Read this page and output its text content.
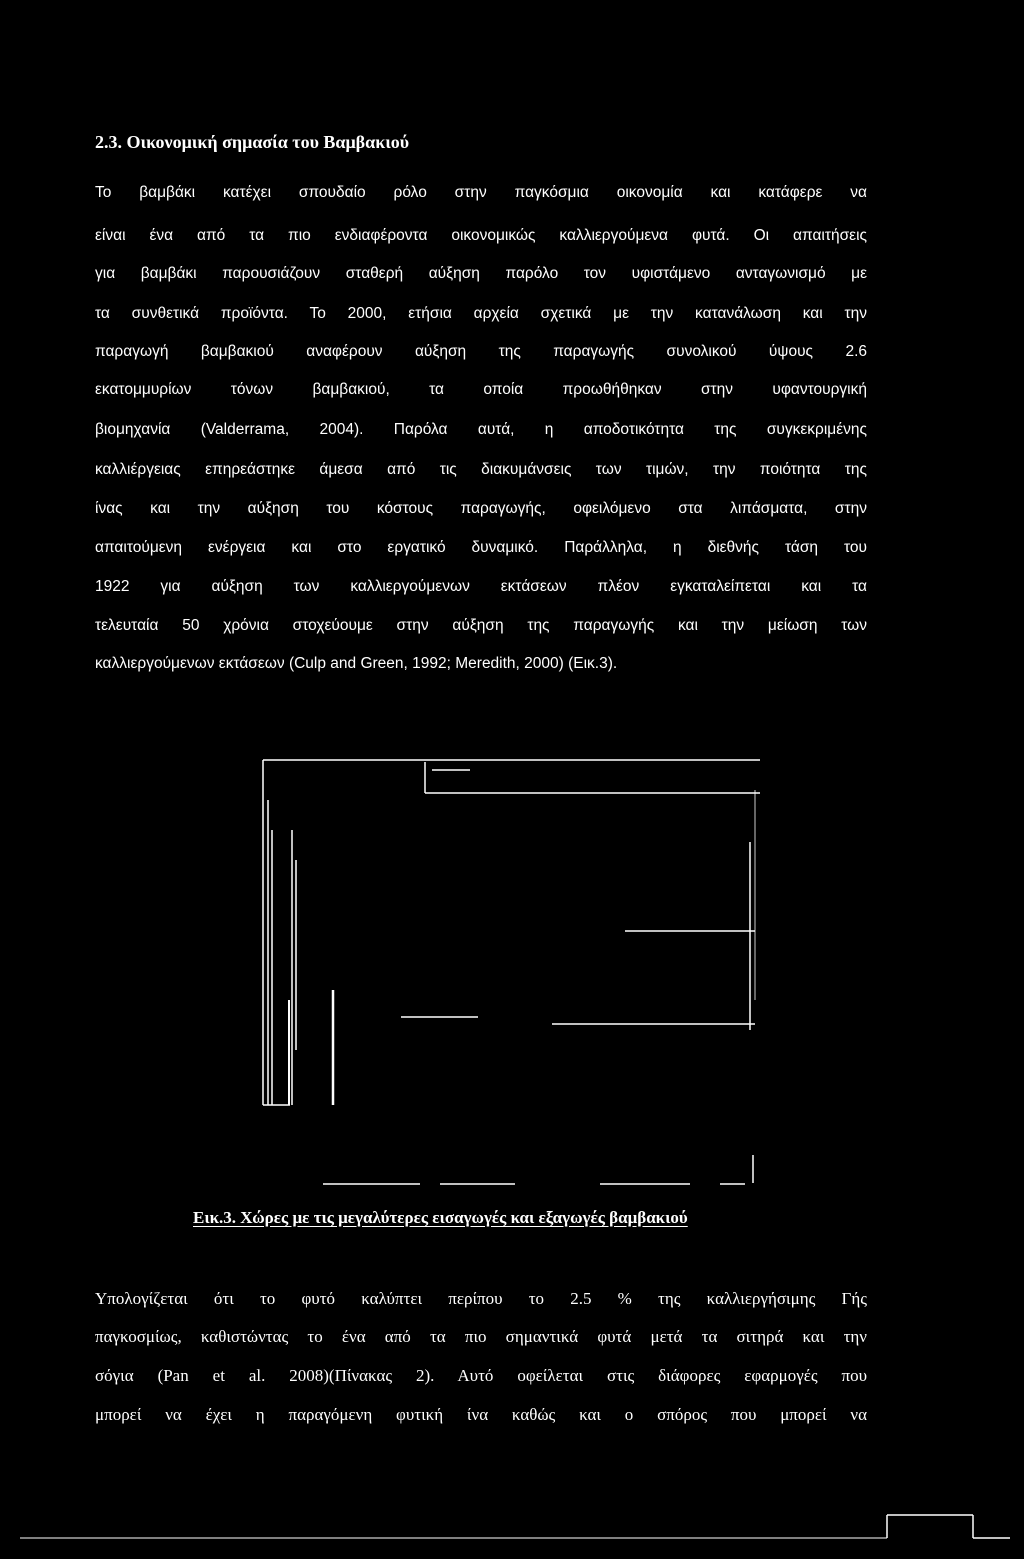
2.3. Οικονομική σημασία του Βαμβακιού
Το βαμβάκι κατέχει σπουδαίο ρόλο στην παγκόσμια οικονομία και κατάφερε να
είναι ένα από τα πιο ενδιαφέροντα οικονομικώς καλλιεργούμενα φυτά. Οι απαιτήσεις
για βαμβάκι παρουσιάζουν σταθερή αύξηση παρόλο τον υφιστάμενο ανταγωνισμό με
τα συνθετικά προϊόντα. Το 2000, ετήσια αρχεία σχετικά με την κατανάλωση και την
παραγωγή βαμβακιού αναφέρουν αύξηση της παραγωγής συνολικού ύψους 2.6
εκατομμυρίων τόνων βαμβακιού, τα οποία προωθήθηκαν στην υφαντουργική
βιομηχανία (Valderrama, 2004). Παρόλα αυτά, η αποδοτικότητα της συγκεκριμένης
καλλιέργειας επηρεάστηκε άμεσα από τις διακυμάνσεις των τιμών, την ποιότητα της
ίνας και την αύξηση του κόστους παραγωγής, οφειλόμενο στα λιπάσματα, στην
απαιτούμενη ενέργεια και στο εργατικό δυναμικό. Παράλληλα, η διεθνής τάση του
1922 για αύξηση των καλλιεργούμενων εκτάσεων πλέον εγκαταλείπεται και τα
τελευταία 50 χρόνια στοχεύουμε στην αύξηση της παραγωγής και την μείωση των
καλλιεργούμενων εκτάσεων (Culp and Green, 1992; Meredith, 2000) (Εικ.3).
Εικ.3. Χώρες με τις μεγαλύτερες εισαγωγές και εξαγωγές βαμβακιού
Υπολογίζεται ότι το φυτό καλύπτει περίπου το 2.5 % της καλλιεργήσιμης Γής
παγκοσμίως, καθιστώντας το ένα από τα πιο σημαντικά φυτά μετά τα σιτηρά και την
σόγια (Pan et al. 2008)(Πίνακας 2). Αυτό οφείλεται στις διάφορες εφαρμογές που
μπορεί να έχει η παραγόμενη φυτική ίνα καθώς και ο σπόρος που μπορεί να
